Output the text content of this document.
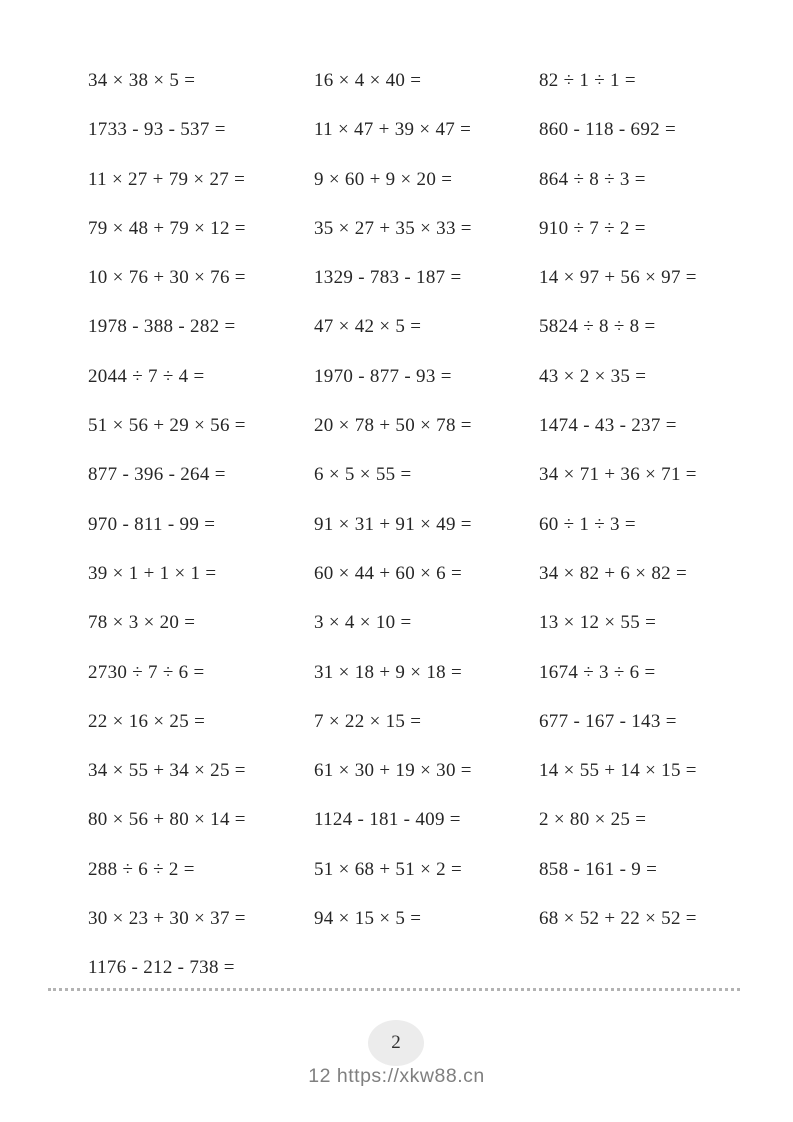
34 × 38 × 5 =
1733 - 93 - 537 =
11 × 27 + 79 × 27 =
79 × 48 + 79 × 12 =
10 × 76 + 30 × 76 =
1978 - 388 - 282 =
2044 ÷ 7 ÷ 4 =
51 × 56 + 29 × 56 =
877 - 396 - 264 =
970 - 811 - 99 =
39 × 1 + 1 × 1 =
78 × 3 × 20 =
2730 ÷ 7 ÷ 6 =
22 × 16 × 25 =
34 × 55 + 34 × 25 =
80 × 56 + 80 × 14 =
288 ÷ 6 ÷ 2 =
30 × 23 + 30 × 37 =
1176 - 212 - 738 =
16 × 4 × 40 =
11 × 47 + 39 × 47 =
9 × 60 + 9 × 20 =
35 × 27 + 35 × 33 =
1329 - 783 - 187 =
47 × 42 × 5 =
1970 - 877 - 93 =
20 × 78 + 50 × 78 =
6 × 5 × 55 =
91 × 31 + 91 × 49 =
60 × 44 + 60 × 6 =
3 × 4 × 10 =
31 × 18 + 9 × 18 =
7 × 22 × 15 =
61 × 30 + 19 × 30 =
1124 - 181 - 409 =
51 × 68 + 51 × 2 =
94 × 15 × 5 =
82 ÷ 1 ÷ 1 =
860 - 118 - 692 =
864 ÷ 8 ÷ 3 =
910 ÷ 7 ÷ 2 =
14 × 97 + 56 × 97 =
5824 ÷ 8 ÷ 8 =
43 × 2 × 35 =
1474 - 43 - 237 =
34 × 71 + 36 × 71 =
60 ÷ 1 ÷ 3 =
34 × 82 + 6 × 82 =
13 × 12 × 55 =
1674 ÷ 3 ÷ 6 =
677 - 167 - 143 =
14 × 55 + 14 × 15 =
2 × 80 × 25 =
858 - 161 - 9 =
68 × 52 + 22 × 52 =
2
12 https://xkw88.cn
